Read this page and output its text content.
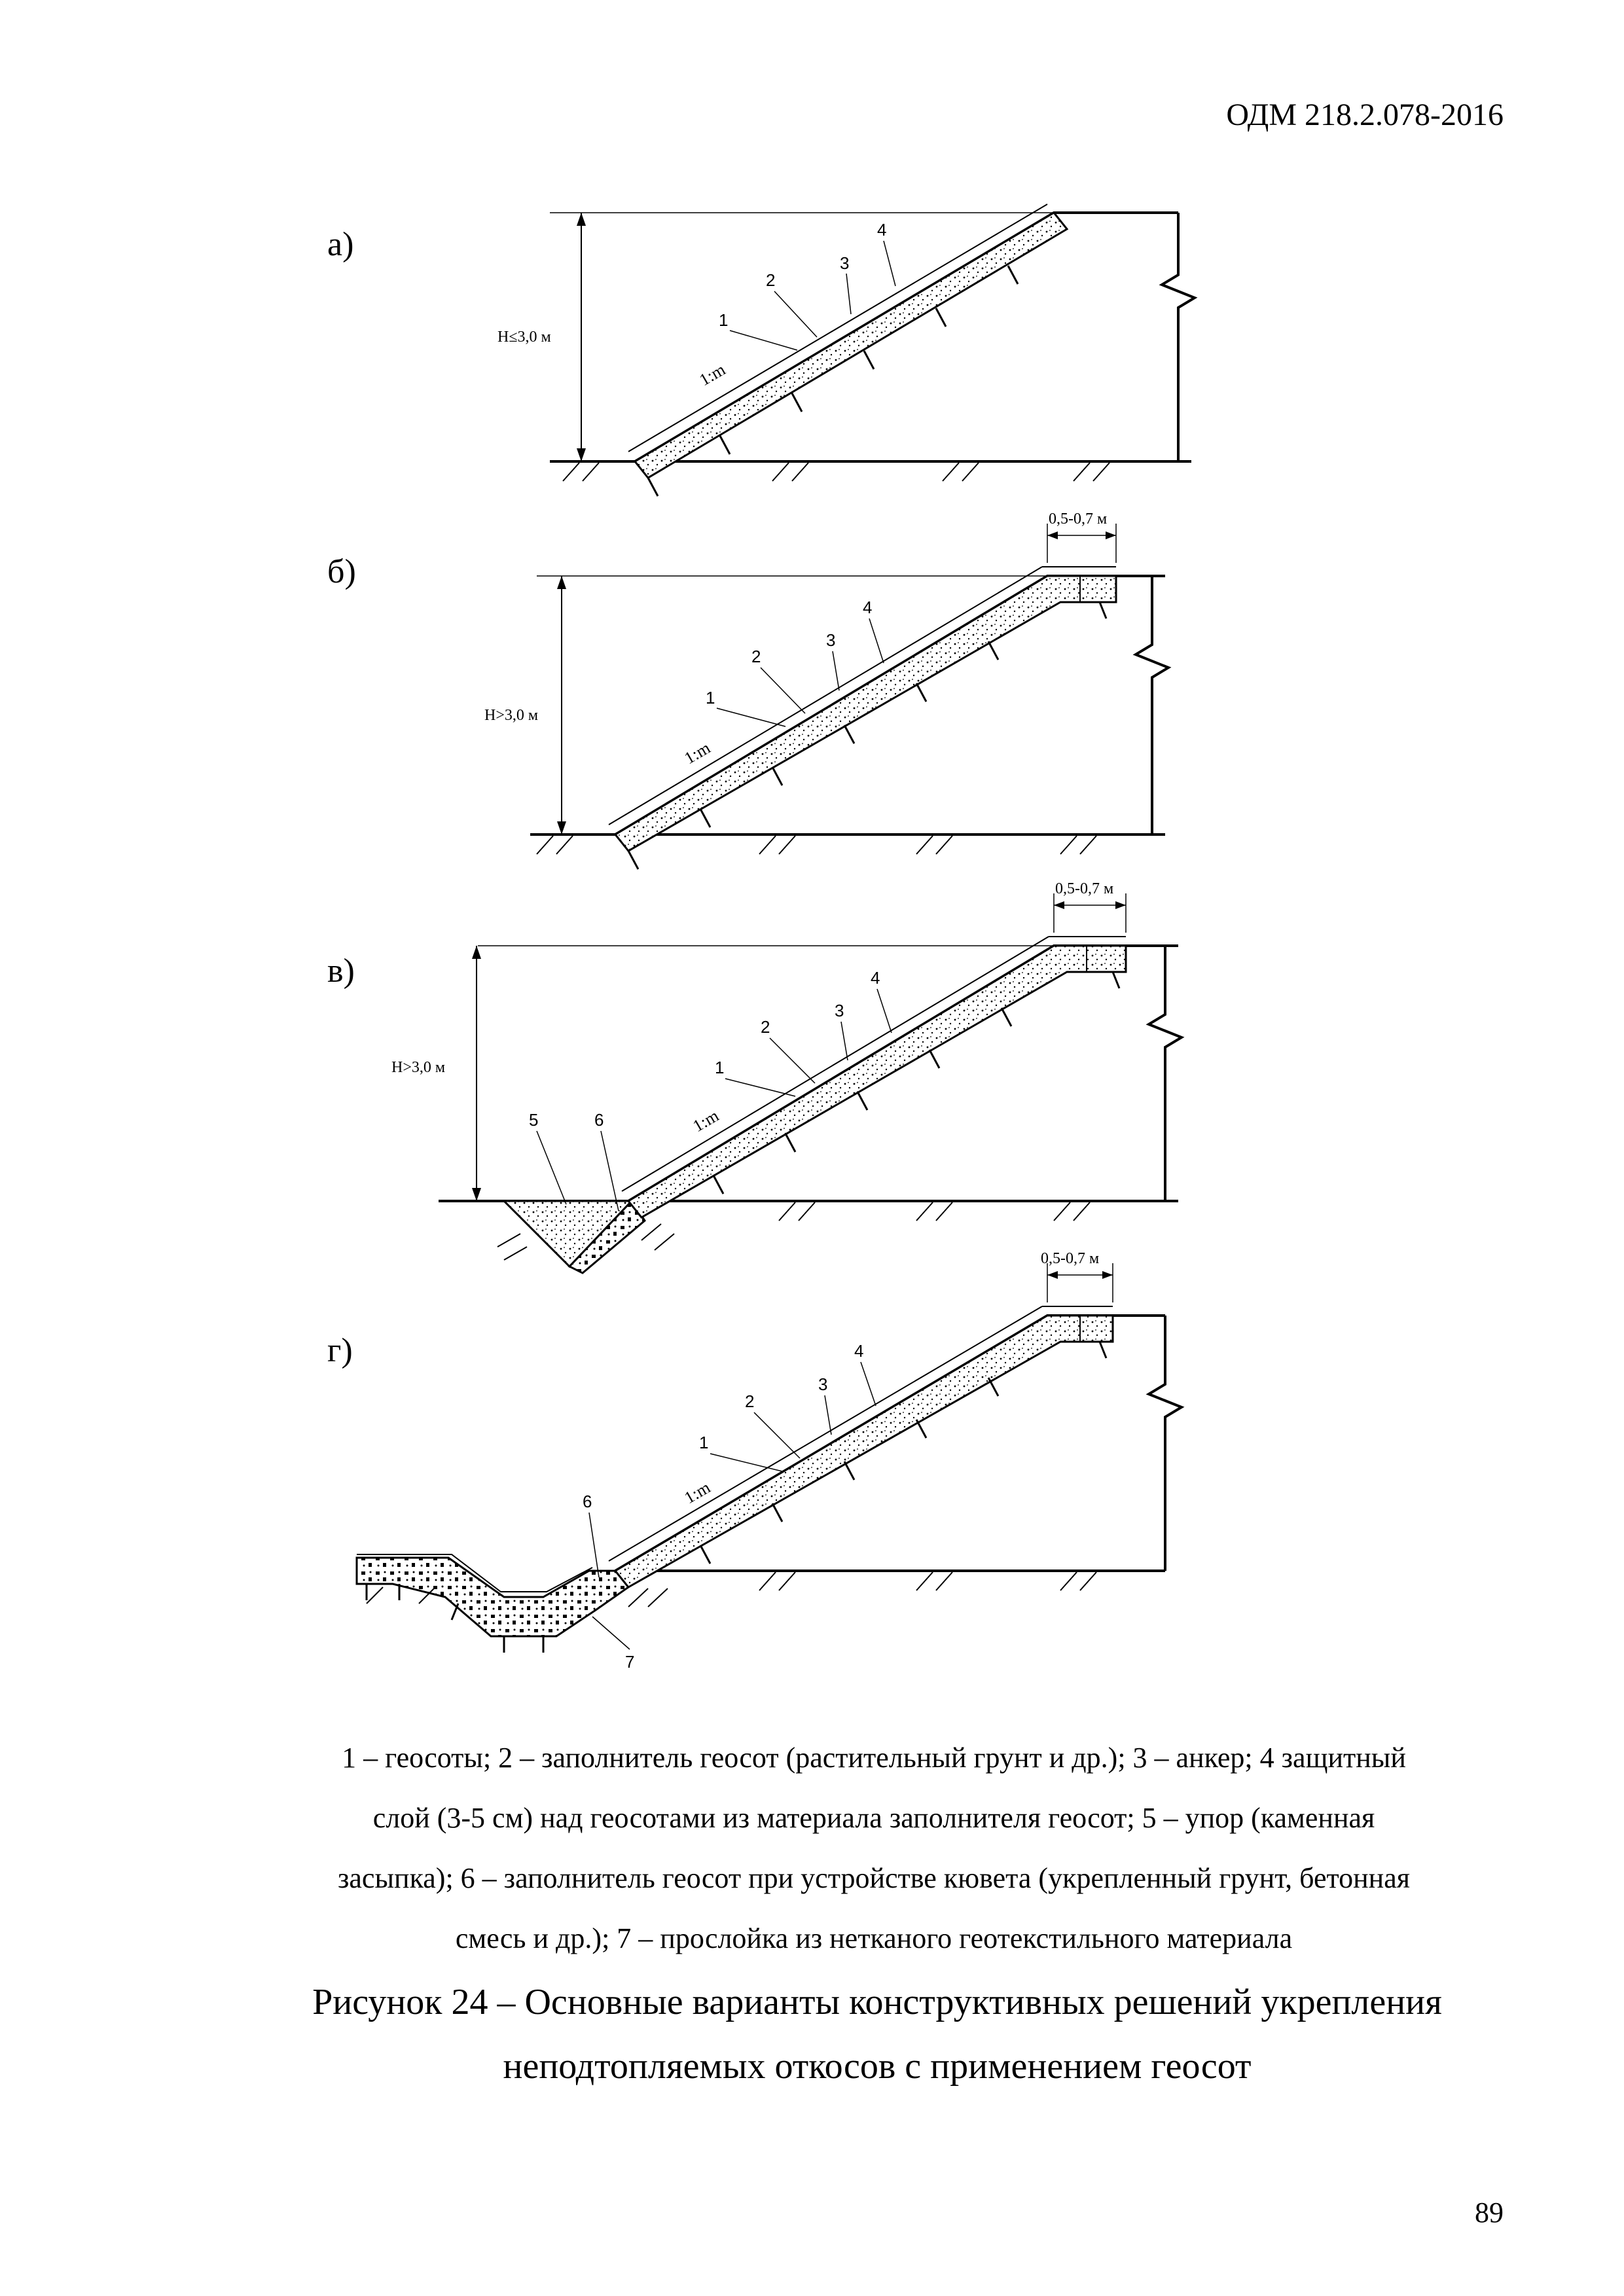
ОДМ 218.2.078-2016
а)
H≤3,0 м
1:m
1
2
3
4
б)
0,5-0,7 м
H>3,0 м
1:m
1
2
3
4
в)
0,5-0,7 м
H>3,0 м
1:m
1
2
3
4
5	6
г)
0,5-0,7 м
1:m
1
2
3
4
6
7
1 – геосоты; 2 – заполнитель геосот (растительный грунт и др.); 3 – анкер; 4 защитный
слой (3-5 см) над геосотами из материала заполнителя геосот; 5 – упор (каменная
засыпка); 6 – заполнитель геосот при устройстве кювета (укрепленный грунт, бетонная
смесь и др.); 7 – прослойка из нетканого геотекстильного материала
Рисунок 24 – Основные варианты конструктивных решений укрепления
неподтопляемых откосов с применением геосот
89
